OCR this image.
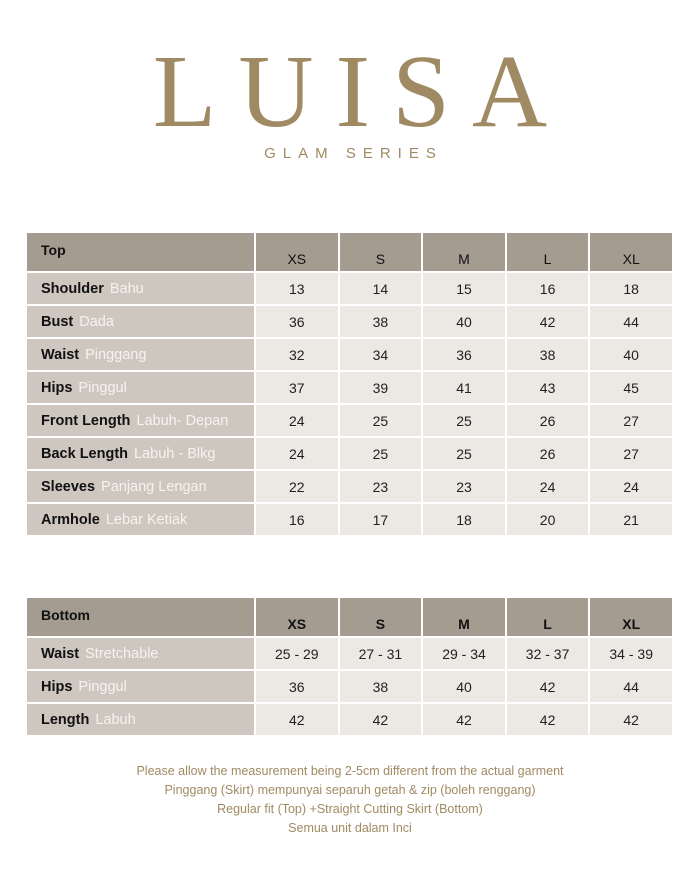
LUISA
GLAM SERIES
Top	XS	S	M	L	XL
Shoulder Bahu	13	14	15	16	18
Bust Dada	36	38	40	42	44
Waist Pinggang	32	34	36	38	40
Hips Pinggul	37	39	41	43	45
Front Length Labuh- Depan	24	25	25	26	27
Back Length Labuh - Blkg	24	25	25	26	27
Sleeves Panjang Lengan	22	23	23	24	24
Armhole Lebar Ketiak	16	17	18	20	21
Bottom	XS	S	M	L	XL
Waist Stretchable	25 - 29	27 - 31	29 - 34	32 - 37	34 - 39
Hips Pinggul	36	38	40	42	44
Length Labuh	42	42	42	42	42
Please allow the measurement being 2-5cm different from the actual garment
Pinggang (Skirt) mempunyai separuh getah & zip (boleh renggang)
Regular fit (Top) +Straight Cutting Skirt (Bottom)
Semua unit dalam Inci
